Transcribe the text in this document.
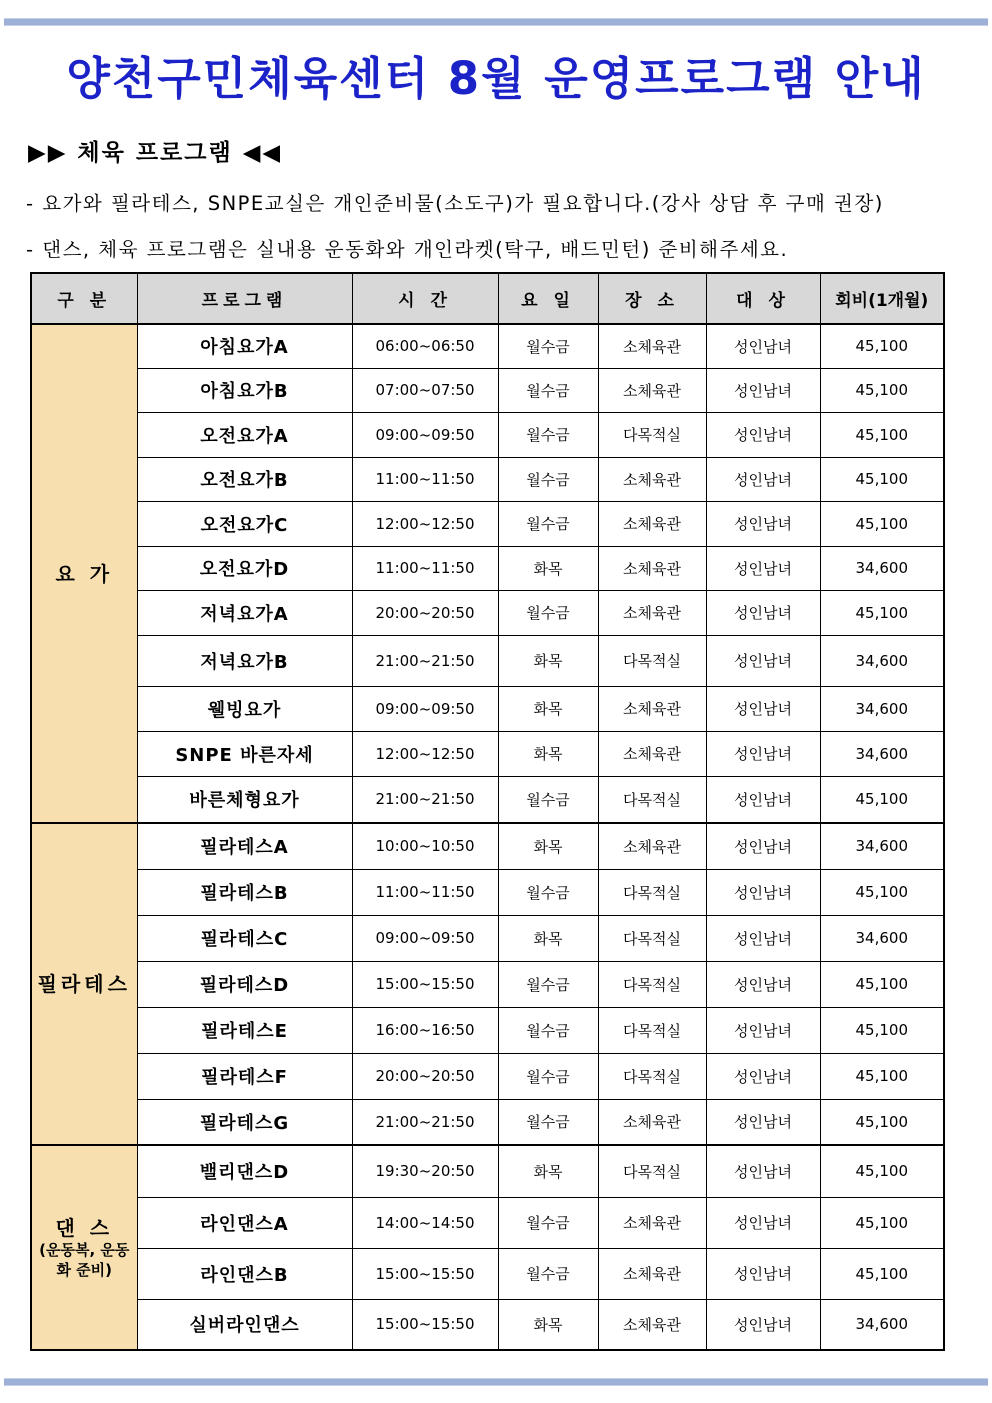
양천구민체육센터 8월 운영프로그램 안내
▶▶ 체육 프로그램 ◀◀

- 요가와 필라테스, SNPE교실은 개인준비물(소도구)가 필요합니다.(강사 상담 후 구매 권장)

- 댄스, 체육 프로그램은 실내용 운동화와 개인라켓(탁구, 배드민턴) 준비해주세요.

구 분	프로그램	시 간	요 일	장 소	대 상	회비(1개월)
요 가	아침요가A	06:00~06:50	월수금	소체육관	성인남녀	45,100
	아침요가B	07:00~07:50	월수금	소체육관	성인남녀	45,100
	오전요가A	09:00~09:50	월수금	다목적실	성인남녀	45,100
	오전요가B	11:00~11:50	월수금	소체육관	성인남녀	45,100
	오전요가C	12:00~12:50	월수금	소체육관	성인남녀	45,100
	오전요가D	11:00~11:50	화목	소체육관	성인남녀	34,600
	저녁요가A	20:00~20:50	월수금	소체육관	성인남녀	45,100
	저녁요가B	21:00~21:50	화목	다목적실	성인남녀	34,600
	웰빙요가	09:00~09:50	화목	소체육관	성인남녀	34,600
	SNPE 바른자세	12:00~12:50	화목	소체육관	성인남녀	34,600
	바른체형요가	21:00~21:50	월수금	다목적실	성인남녀	45,100
필라테스	필라테스A	10:00~10:50	화목	소체육관	성인남녀	34,600
	필라테스B	11:00~11:50	월수금	다목적실	성인남녀	45,100
	필라테스C	09:00~09:50	화목	다목적실	성인남녀	34,600
	필라테스D	15:00~15:50	월수금	다목적실	성인남녀	45,100
	필라테스E	16:00~16:50	월수금	다목적실	성인남녀	45,100
	필라테스F	20:00~20:50	월수금	다목적실	성인남녀	45,100
	필라테스G	21:00~21:50	월수금	소체육관	성인남녀	45,100
댄 스
(운동복, 운동화 준비)	밸리댄스D	19:30~20:50	화목	다목적실	성인남녀	45,100
	라인댄스A	14:00~14:50	월수금	소체육관	성인남녀	45,100
	라인댄스B	15:00~15:50	월수금	소체육관	성인남녀	45,100
	실버라인댄스	15:00~15:50	화목	소체육관	성인남녀	34,600
